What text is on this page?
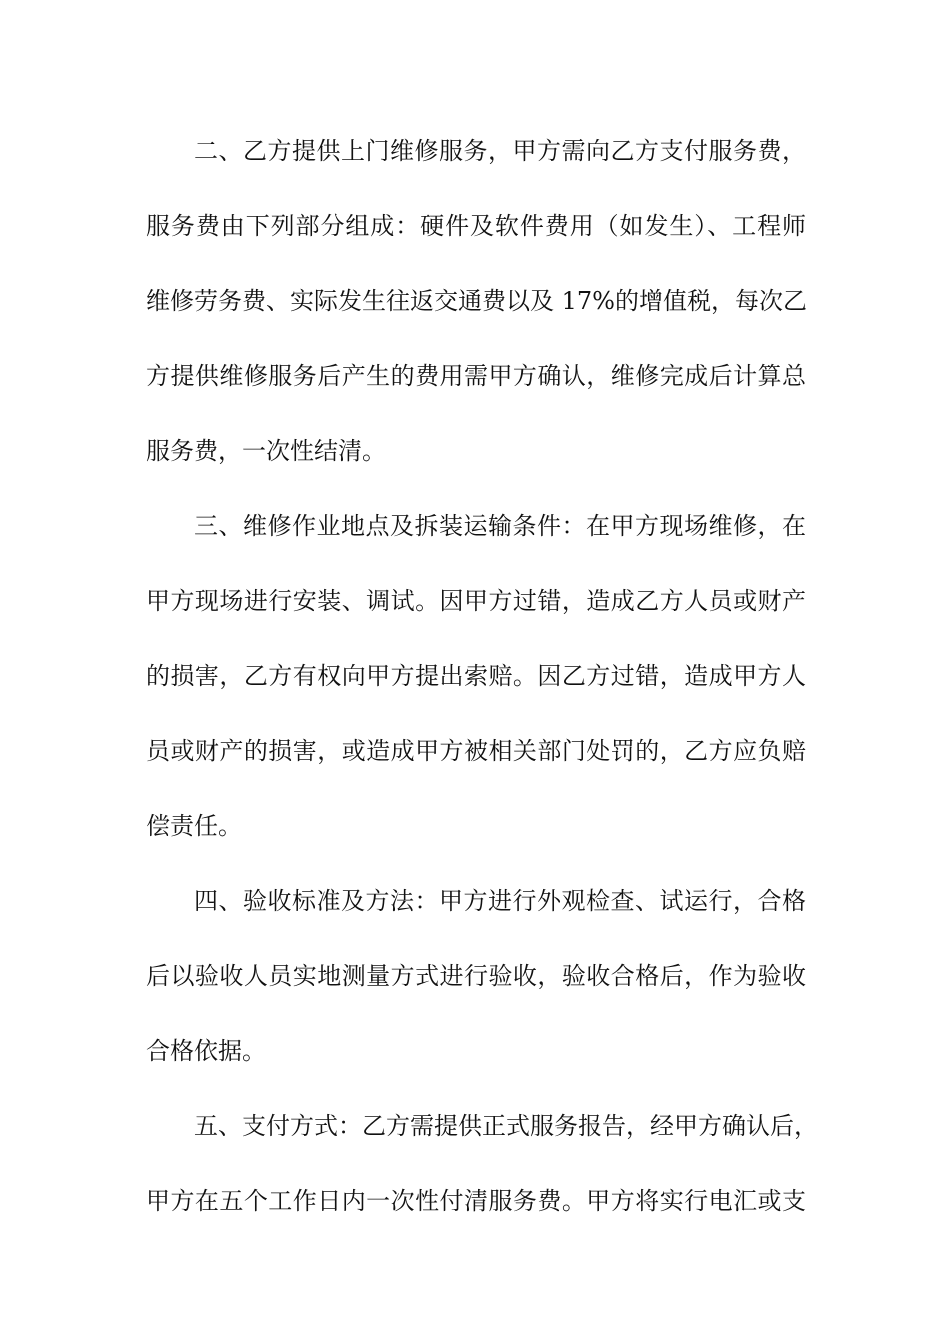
二、乙方提供上门维修服务，甲方需向乙方支付服务费，
服务费由下列部分组成：硬件及软件费用（如发生）、工程师
维修劳务费、实际发生往返交通费以及 17%的增值税，每次乙
方提供维修服务后产生的费用需甲方确认，维修完成后计算总
服务费，一次性结清。
三、维修作业地点及拆装运输条件：在甲方现场维修，在
甲方现场进行安装、调试。因甲方过错，造成乙方人员或财产
的损害，乙方有权向甲方提出索赔。因乙方过错，造成甲方人
员或财产的损害，或造成甲方被相关部门处罚的，乙方应负赔
偿责任。
四、验收标准及方法：甲方进行外观检查、试运行，合格
后以验收人员实地测量方式进行验收，验收合格后，作为验收
合格依据。
五、支付方式：乙方需提供正式服务报告，经甲方确认后，
甲方在五个工作日内一次性付清服务费。甲方将实行电汇或支
